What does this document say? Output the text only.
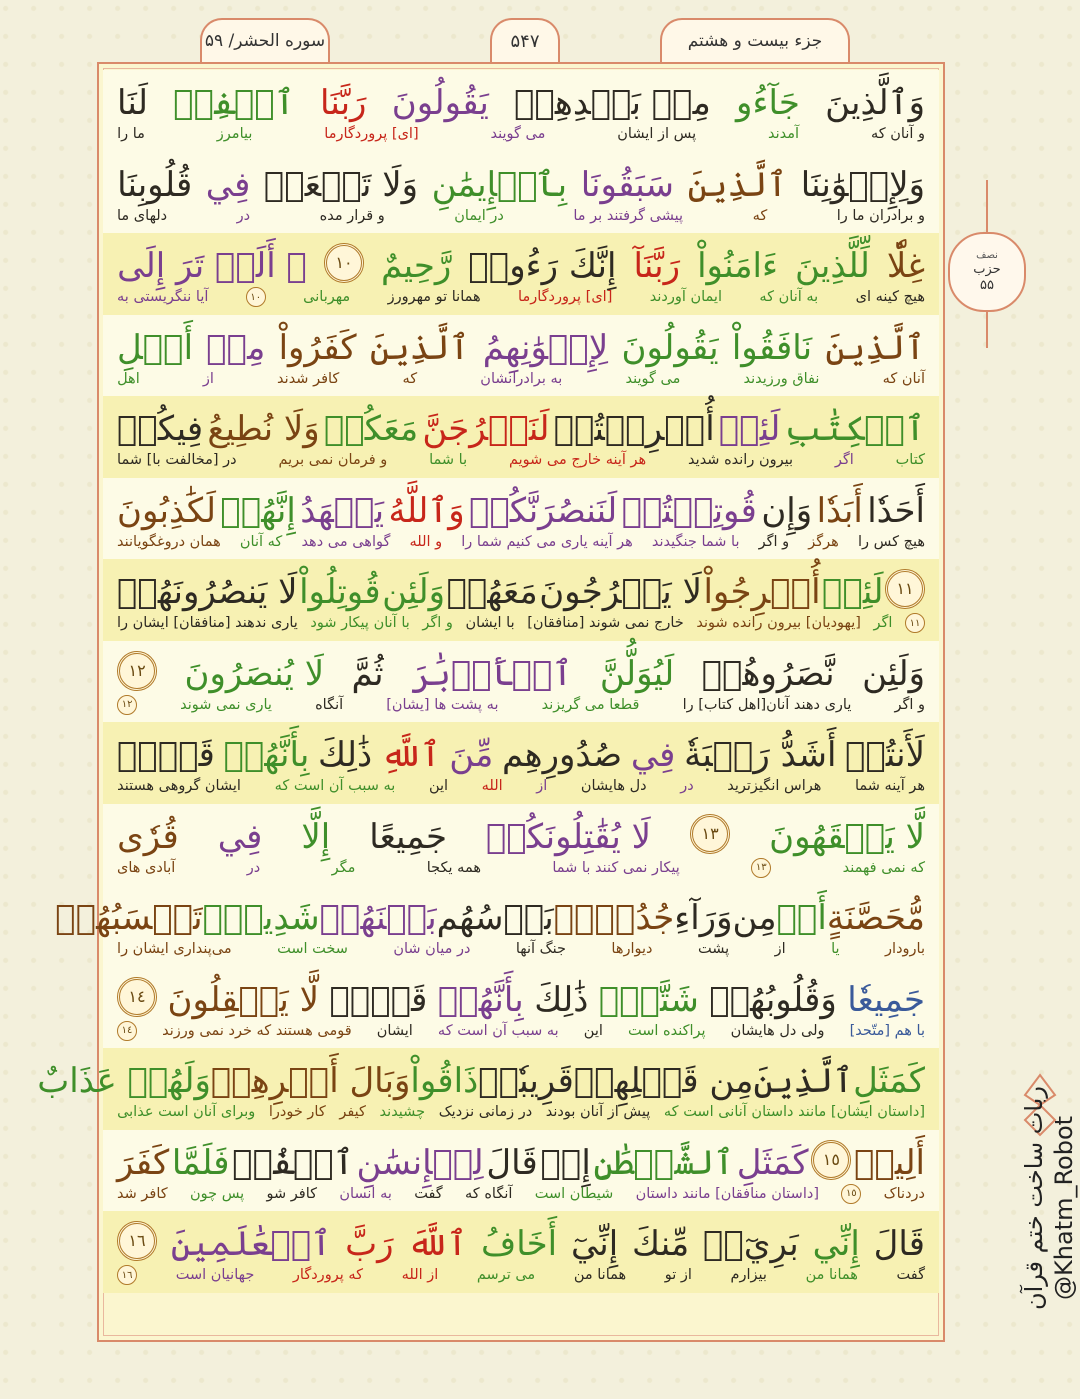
جزء بیست و هشتم
۵۴۷
سوره الحشر/ ۵۹
وَٱلَّذِينَ
جَآءُو
مِنۢ بَعۡدِهِمۡ
يَقُولُونَ
رَبَّنَا
ٱغۡفِرۡ
لَنَا
و آنان که
آمدند
پس از ایشان
می گویند
[ای] پروردگارما
بیامرز
ما را
وَلِإِخۡوَٰنِنَا
ٱلَّذِينَ
سَبَقُونَا
بِٱلۡإِيمَٰنِ
وَلَا تَجۡعَلۡ
فِي
قُلُوبِنَا
و برادران ما را
که
پیشی گرفتند بر ما
در ایمان
و قرار مده
در
دلهای ما
غِلّٗا
لِّلَّذِينَ
ءَامَنُواْ
رَبَّنَآ
إِنَّكَ رَءُوفٞ
رَّحِيمٌ
١٠
۞ أَلَمۡ تَرَ إِلَى
هیچ کینه ای
به آنان که
ایمان آوردند
[ای] پروردگارما
همانا تو مهرورز
مهربانی
١٠
آیا ننگریستی به
ٱلَّذِينَ
نَافَقُواْ
يَقُولُونَ
لِإِخۡوَٰنِهِمُ
ٱلَّذِينَ
كَفَرُواْ
مِنۡ
أَهۡلِ
آنان که
نفاق ورزیدند
می گویند
به برادرانشان
که
کافر شدند
از
اهل
ٱلۡكِتَٰبِ
لَئِنۡ
أُخۡرِجۡتُمۡ
لَنَخۡرُجَنَّ
مَعَكُمۡ
وَلَا نُطِيعُ
فِيكُمۡ
کتاب
اگر
بیرون رانده شدید
هر آینه خارج می شویم
با شما
و فرمان نمی بریم
در [مخالفت با] شما
أَحَدٗا
أَبَدٗا
وَإِن
قُوتِلۡتُمۡ
لَنَنصُرَنَّكُمۡ
وَٱللَّهُ
يَشۡهَدُ
إِنَّهُمۡ
لَكَٰذِبُونَ
هیچ کس را
هرگز
و اگر
با شما جنگیدند
هر آینه یاری می کنیم شما را
و الله
گواهی می دهد
که آنان
همان دروغگویانند
١١
لَئِنۡ
أُخۡرِجُواْ
لَا يَخۡرُجُونَ
مَعَهُمۡ
وَلَئِن
قُوتِلُواْ
لَا يَنصُرُونَهُمۡ
١١
اگر
[یهودیان] بیرون رانده شوند
خارج نمی شوند [منافقان]
با ایشان
و اگر
با آنان پیکار شود
یاری ندهند [منافقان] ایشان را
وَلَئِن
نَّصَرُوهُمۡ
لَيُوَلُّنَّ
ٱلۡأَدۡبَٰرَ
ثُمَّ
لَا يُنصَرُونَ
١٢
و اگر
یاری دهند آنان[اهل کتاب] را
قطعا می گریزند
به پشت ها [یشان]
آنگاه
یاری نمی شوند
١٢
لَأَنتُمۡ
أَشَدُّ رَهۡبَةٗ
فِي
صُدُورِهِم
مِّنَ
ٱللَّهِ
ذَٰلِكَ
بِأَنَّهُمۡ
قَوۡمٞ
هر آینه شما
هراس انگیزترید
در
دل هایشان
از
الله
این
به سبب آن است که
ایشان گروهی هستند
لَّا يَفۡقَهُونَ
١٣
لَا يُقَٰتِلُونَكُمۡ
جَمِيعًا
إِلَّا
فِي
قُرٗى
که نمی فهمند
١٣
پیکار نمی کنند با شما
همه یکجا
مگر
در
آبادی های
مُّحَصَّنَةٍ
أَوۡ
مِن
وَرَآءِ
جُدُرِۭۚ
بَأۡسُهُم
بَيۡنَهُمۡ
شَدِيدٞۚ
تَحۡسَبُهُمۡ
بارودار
یا
از
پشت
دیوارها
جنگ آنها
در میان شان
سخت است
می‌پنداری ایشان را
جَمِيعٗا
وَقُلُوبُهُمۡ
شَتَّىٰۚ
ذَٰلِكَ
بِأَنَّهُمۡ
قَوۡمٞ
لَّا يَعۡقِلُونَ
١٤
با هم [متّحد]
ولی دل هایشان
پراکنده است
این
به سبب آن است که
ایشان
قومی هستند که خرد نمی ورزند
١٤
كَمَثَلِ
ٱلَّذِينَ
مِن قَبۡلِهِمۡ
قَرِيبٗاۖ
ذَاقُواْ
وَبَالَ أَمۡرِهِمۡ
وَلَهُمۡ عَذَابٌ
[داستان ایشان] مانند داستان آنانی است که
پیش از آنان بودند
در زمانی نزدیک
چشیدند
کیفر
کار خودرا
وبرای آنان است عذابی
أَلِيمٞ
١٥
كَمَثَلِ
ٱلشَّيۡطَٰنِ
إِذۡ
قَالَ
لِلۡإِنسَٰنِ
ٱكۡفُرۡ
فَلَمَّا
كَفَرَ
دردناک
١٥
[داستان منافقان] مانند داستان
شیطان است
آنگاه که
گفت
به انسان
کافر شو
پس چون
کافر شد
قَالَ
إِنِّي
بَرِيٓءٞ
مِّنكَ
إِنِّيٓ
أَخَافُ
ٱللَّهَ
رَبَّ
ٱلۡعَٰلَمِينَ
١٦
گفت
همانا من
بیزارم
از تو
همانا من
می ترسم
از الله
که پروردگار
جهانیان است
١٦
نصف
حزب
۵۵
ربات ساخت ختم قرآن @Khatm_Robot
